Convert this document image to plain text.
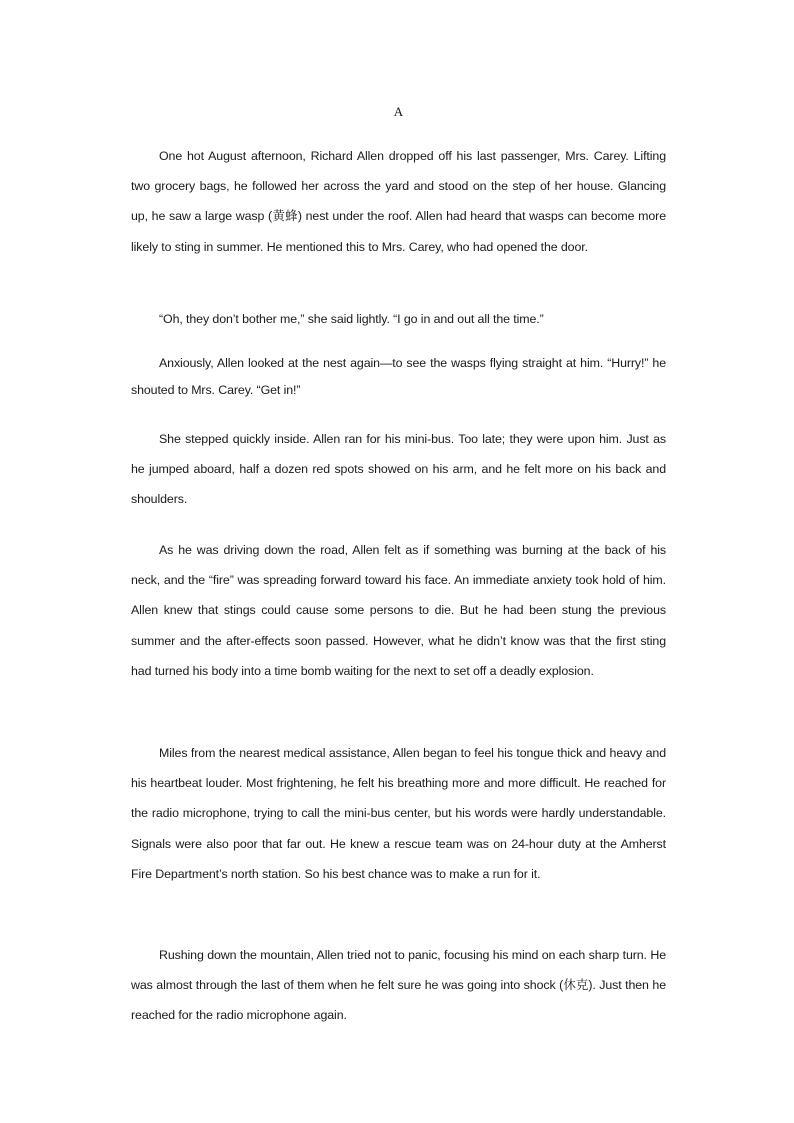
A

One hot August afternoon, Richard Allen dropped off his last passenger, Mrs. Carey. Lifting two grocery bags, he followed her across the yard and stood on the step of her house. Glancing up, he saw a large wasp (黄蜂) nest under the roof. Allen had heard that wasps can become more likely to sting in summer. He mentioned this to Mrs. Carey, who had opened the door.

“Oh, they don’t bother me,” she said lightly. “I go in and out all the time.”

Anxiously, Allen looked at the nest again—to see the wasps flying straight at him. “Hurry!” he shouted to Mrs. Carey. “Get in!”

She stepped quickly inside. Allen ran for his mini-bus. Too late; they were upon him. Just as he jumped aboard, half a dozen red spots showed on his arm, and he felt more on his back and shoulders.

As he was driving down the road, Allen felt as if something was burning at the back of his neck, and the “fire” was spreading forward toward his face. An immediate anxiety took hold of him. Allen knew that stings could cause some persons to die. But he had been stung the previous summer and the after-effects soon passed. However, what he didn’t know was that the first sting had turned his body into a time bomb waiting for the next to set off a deadly explosion.

Miles from the nearest medical assistance, Allen began to feel his tongue thick and heavy and his heartbeat louder. Most frightening, he felt his breathing more and more difficult. He reached for the radio microphone, trying to call the mini-bus center, but his words were hardly understandable. Signals were also poor that far out. He knew a rescue team was on 24-hour duty at the Amherst Fire Department’s north station. So his best chance was to make a run for it.

Rushing down the mountain, Allen tried not to panic, focusing his mind on each sharp turn. He was almost through the last of them when he felt sure he was going into shock (休克). Just then he reached for the radio microphone again.
